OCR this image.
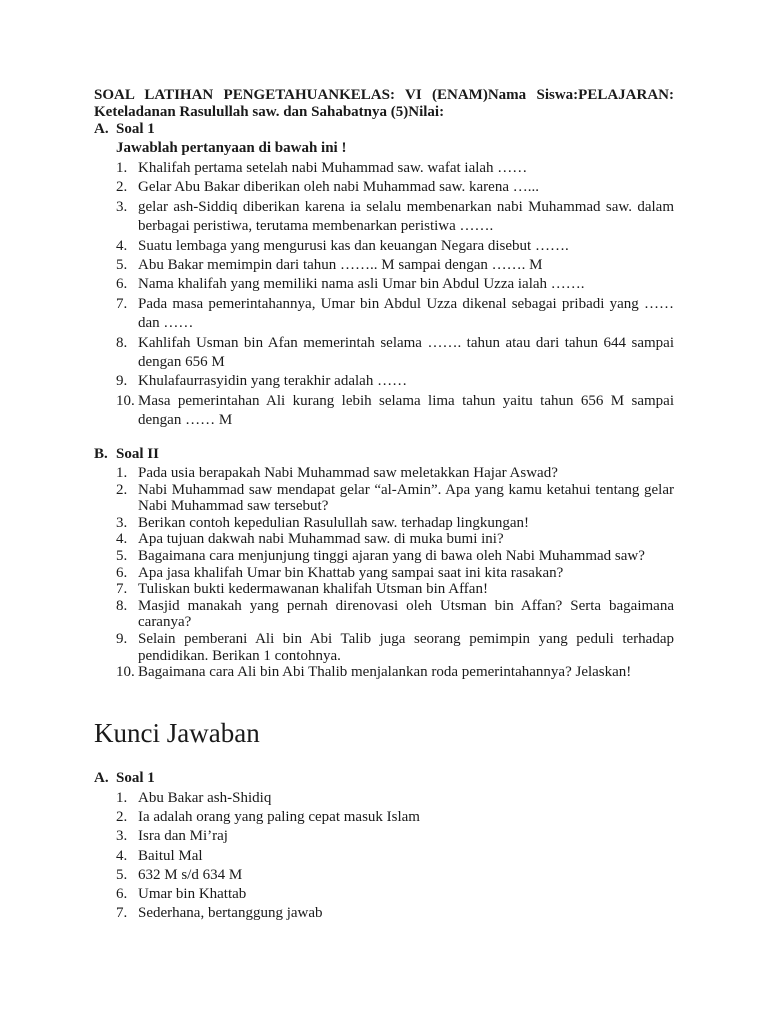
SOAL LATIHAN PENGETAHUANKELAS: VI (ENAM)Nama Siswa:PELAJARAN:
Keteladanan Rasulullah saw. dan Sahabatnya (5)Nilai:
A. Soal 1
Jawablah pertanyaan di bawah ini !
1. Khalifah pertama setelah nabi Muhammad saw. wafat ialah ……
2. Gelar Abu Bakar diberikan oleh nabi Muhammad saw. karena …...
3. gelar ash-Siddiq diberikan karena ia selalu membenarkan nabi Muhammad saw. dalam berbagai peristiwa, terutama membenarkan peristiwa …….
4. Suatu lembaga yang mengurusi kas dan keuangan Negara disebut …….
5. Abu Bakar memimpin dari tahun …….. M sampai dengan ……. M
6. Nama khalifah yang memiliki nama asli Umar bin Abdul Uzza ialah …….
7. Pada masa pemerintahannya, Umar bin Abdul Uzza dikenal sebagai pribadi yang …… dan ……
8. Kahlifah Usman bin Afan memerintah selama ……. tahun atau dari tahun 644 sampai dengan 656 M
9. Khulafaurrasyidin yang terakhir adalah ……
10. Masa pemerintahan Ali kurang lebih selama lima tahun yaitu tahun 656 M sampai dengan …… M
B. Soal II
1. Pada usia berapakah Nabi Muhammad saw meletakkan Hajar Aswad?
2. Nabi Muhammad saw mendapat gelar “al-Amin”. Apa yang kamu ketahui tentang gelar Nabi Muhammad saw tersebut?
3. Berikan contoh kepedulian Rasulullah saw. terhadap lingkungan!
4. Apa tujuan dakwah nabi Muhammad saw. di muka bumi ini?
5. Bagaimana cara menjunjung tinggi ajaran yang di bawa oleh Nabi Muhammad saw?
6. Apa jasa khalifah Umar bin Khattab yang sampai saat ini kita rasakan?
7. Tuliskan bukti kedermawanan khalifah Utsman bin Affan!
8. Masjid manakah yang pernah direnovasi oleh Utsman bin Affan? Serta bagaimana caranya?
9. Selain pemberani Ali bin Abi Talib juga seorang pemimpin yang peduli terhadap pendidikan. Berikan 1 contohnya.
10. Bagaimana cara Ali bin Abi Thalib menjalankan roda pemerintahannya? Jelaskan!
Kunci Jawaban
A. Soal 1
1. Abu Bakar ash-Shidiq
2. Ia adalah orang yang paling cepat masuk Islam
3. Isra dan Mi’raj
4. Baitul Mal
5. 632 M s/d 634 M
6. Umar bin Khattab
7. Sederhana, bertanggung jawab
